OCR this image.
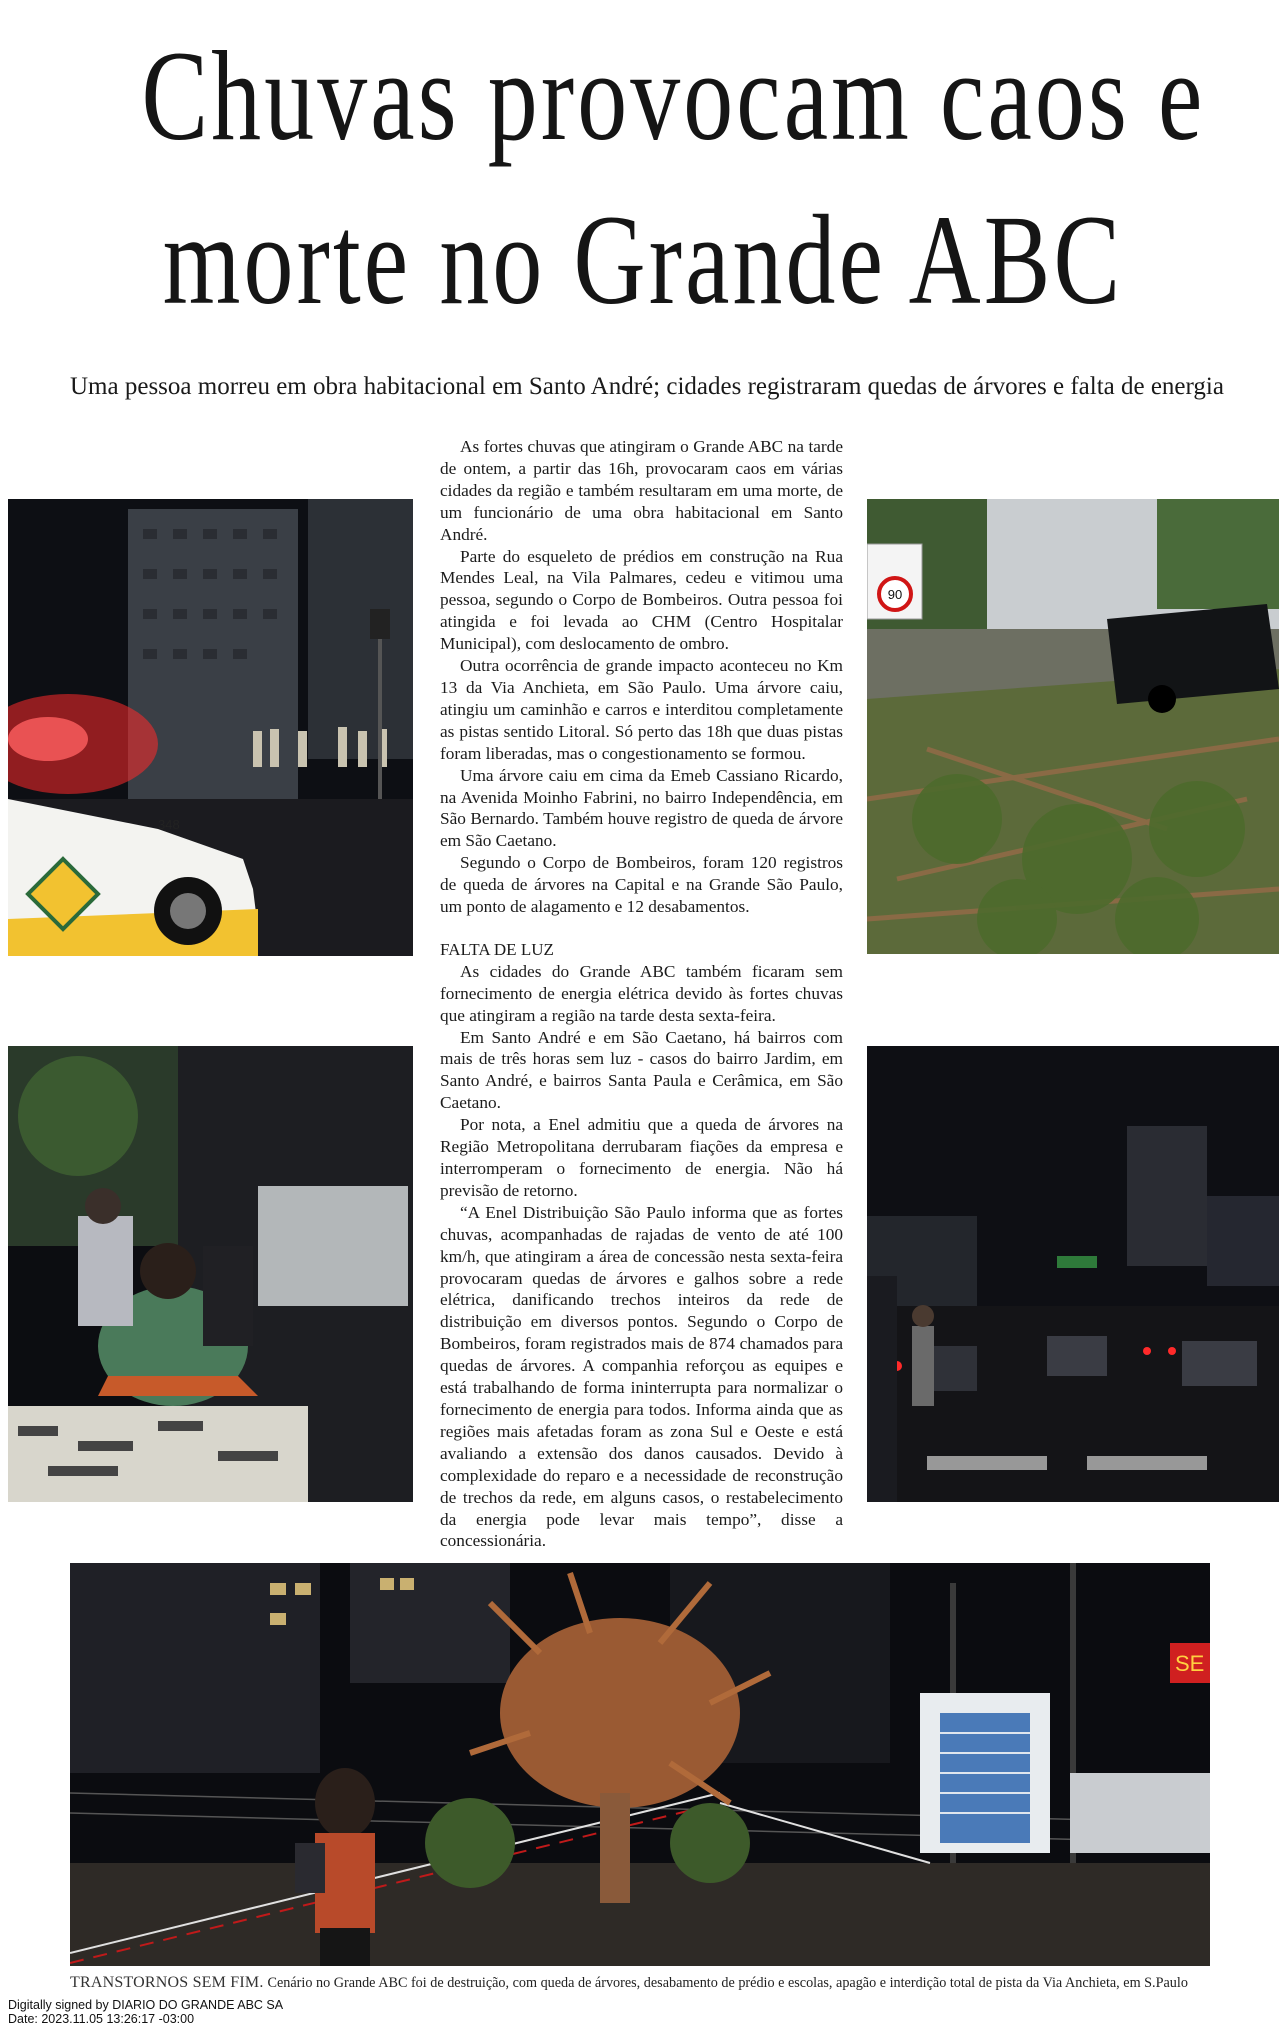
Chuvas provocam caos e
morte no Grande ABC
Uma pessoa morreu em obra habitacional em Santo André; cidades registraram quedas de árvores e falta de energia
348
90
SE

As fortes chuvas que atingiram o Grande ABC na tarde de ontem, a partir das 16h, provocaram caos em várias cidades da região e também resultaram em uma morte, de um funcionário de uma obra habitacional em Santo André.

Parte do esqueleto de prédios em construção na Rua Mendes Leal, na Vila Palmares, cedeu e vitimou uma pessoa, segundo o Corpo de Bombeiros. Outra pessoa foi atingida e foi levada ao CHM (Centro Hospitalar Municipal), com deslocamento de ombro.

Outra ocorrência de grande impacto aconteceu no Km 13 da Via Anchieta, em São Paulo. Uma árvore caiu, atingiu um caminhão e carros e interditou completamente as pistas sentido Litoral. Só perto das 18h que duas pistas foram liberadas, mas o congestionamento se formou.

Uma árvore caiu em cima da Emeb Cassiano Ricardo, na Avenida Moinho Fabrini, no bairro Independência, em São Bernardo. Também houve registro de queda de árvore em São Caetano.

Segundo o Corpo de Bombeiros, foram 120 registros de queda de árvores na Capital e na Grande São Paulo, um ponto de alagamento e 12 desabamentos.

FALTA DE LUZ

As cidades do Grande ABC também ficaram sem fornecimento de energia elétrica devido às fortes chuvas que atingiram a região na tarde desta sexta-feira.

Em Santo André e em São Caetano, há bairros com mais de três horas sem luz - casos do bairro Jardim, em Santo André, e bairros Santa Paula e Cerâmica, em São Caetano.

Por nota, a Enel admitiu que a queda de árvores na Região Metropolitana derrubaram fiações da empresa e interromperam o fornecimento de energia. Não há previsão de retorno.

“A Enel Distribuição São Paulo informa que as fortes chuvas, acompanhadas de rajadas de vento de até 100 km/h, que atingiram a área de concessão nesta sexta-feira provocaram quedas de árvores e galhos sobre a rede elétrica, danificando trechos inteiros da rede de distribuição em diversos pontos. Segundo o Corpo de Bombeiros, foram registrados mais de 874 chamados para quedas de árvores. A companhia reforçou as equipes e está trabalhando de forma ininterrupta para normalizar o fornecimento de energia para todos. Informa ainda que as regiões mais afetadas foram as zona Sul e Oeste e está avaliando a extensão dos danos causados. Devido à complexidade do reparo e a necessidade de reconstrução de trechos da rede, em alguns casos, o restabelecimento da energia pode levar mais tempo”, disse a concessionária.

TRANSTORNOS SEM FIM. Cenário no Grande ABC foi de destruição, com queda de árvores, desabamento de prédio e escolas, apagão e interdição total de pista da Via Anchieta, em S.Paulo
Digitally signed by DIARIO DO GRANDE ABC SA
Date: 2023.11.05 13:26:17 -03:00
